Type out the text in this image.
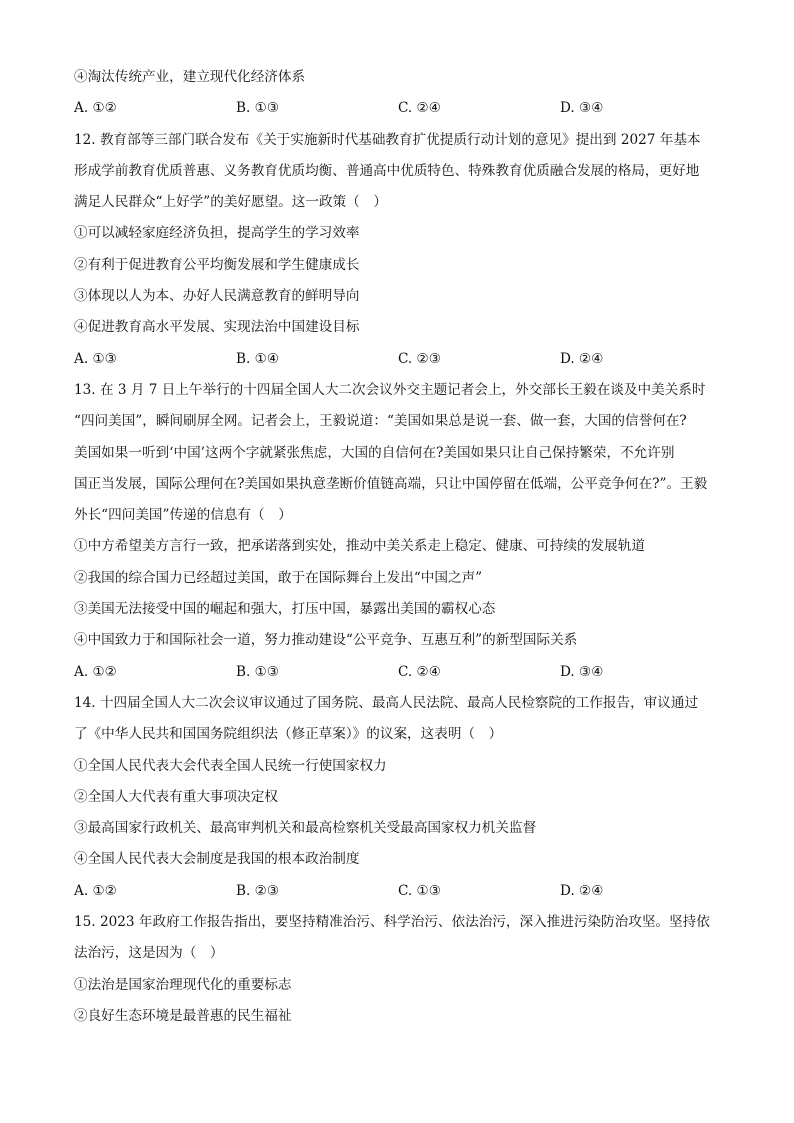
④淘汰传统产业，建立现代化经济体系
A. ①②	B. ①③	C. ②④	D. ③④
12. 教育部等三部门联合发布《关于实施新时代基础教育扩优提质行动计划的意见》提出到 2027 年基本
形成学前教育优质普惠、义务教育优质均衡、普通高中优质特色、特殊教育优质融合发展的格局，更好地
满足人民群众“上好学”的美好愿望。这一政策（　）
①可以减轻家庭经济负担，提高学生的学习效率
②有利于促进教育公平均衡发展和学生健康成长
③体现以人为本、办好人民满意教育的鲜明导向
④促进教育高水平发展、实现法治中国建设目标
A. ①③	B. ①④	C. ②③	D. ②④
13. 在 3 月 7 日上午举行的十四届全国人大二次会议外交主题记者会上，外交部长王毅在谈及中美关系时
“四问美国”，瞬间刷屏全网。记者会上，王毅说道：“美国如果总是说一套、做一套，大国的信誉何在?
美国如果一听到‘中国’这两个字就紧张焦虑，大国的自信何在?美国如果只让自己保持繁荣，不允许别
国正当发展，国际公理何在?美国如果执意垄断价值链高端，只让中国停留在低端，公平竞争何在?”。王毅
外长“四问美国”传递的信息有（　）
①中方希望美方言行一致，把承诺落到实处，推动中美关系走上稳定、健康、可持续的发展轨道
②我国的综合国力已经超过美国，敢于在国际舞台上发出“中国之声”
③美国无法接受中国的崛起和强大，打压中国，暴露出美国的霸权心态
④中国致力于和国际社会一道，努力推动建设“公平竞争、互惠互利”的新型国际关系
A. ①②	B. ①③	C. ②④	D. ③④
14. 十四届全国人大二次会议审议通过了国务院、最高人民法院、最高人民检察院的工作报告，审议通过
了《中华人民共和国国务院组织法（修正草案）》的议案，这表明（　）
①全国人民代表大会代表全国人民统一行使国家权力
②全国人大代表有重大事项决定权
③最高国家行政机关、最高审判机关和最高检察机关受最高国家权力机关监督
④全国人民代表大会制度是我国的根本政治制度
A. ①②	B. ②③	C. ①③	D. ②④
15. 2023 年政府工作报告指出，要坚持精准治污、科学治污、依法治污，深入推进污染防治攻坚。坚持依
法治污，这是因为（　）
①法治是国家治理现代化的重要标志
②良好生态环境是最普惠的民生福祉
